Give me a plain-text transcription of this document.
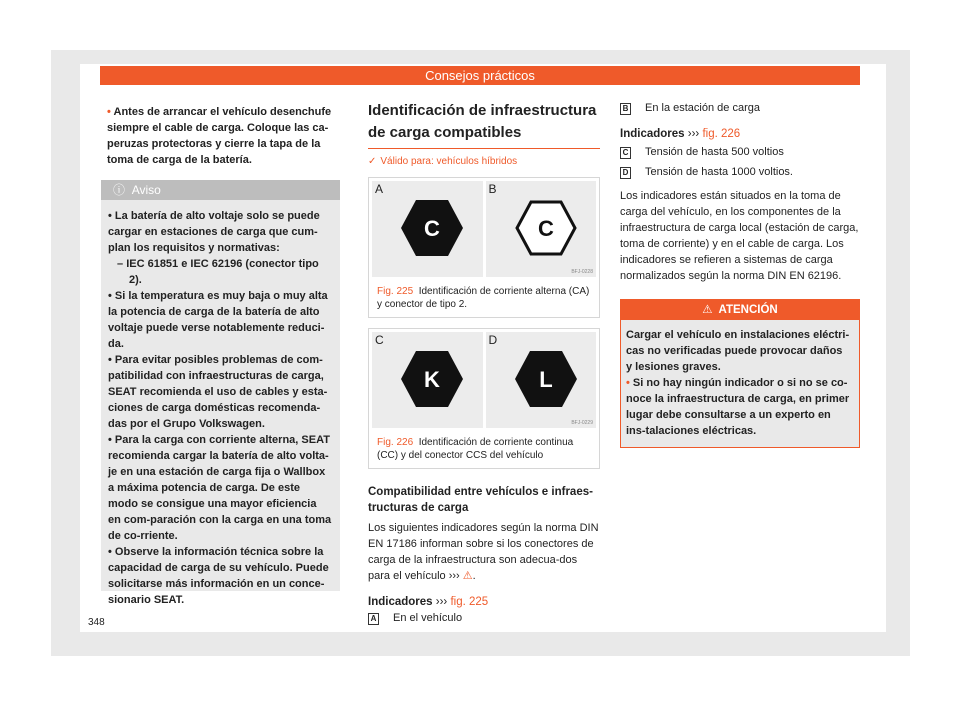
Consejos prácticos

• Antes de arrancar el vehículo desenchufe siempre el cable de carga. Coloque las ca-peruzas protectoras y cierre la tapa de la toma de carga de la batería.

ⓘ Aviso

• La batería de alto voltaje solo se puede cargar en estaciones de carga que cum-plan los requisitos y normativas:

– IEC 61851 e IEC 62196 (conector tipo 2).

• Si la temperatura es muy baja o muy alta la potencia de carga de la batería de alto voltaje puede verse notablemente reduci-da.

• Para evitar posibles problemas de com-patibilidad con infraestructuras de carga, SEAT recomienda el uso de cables y esta-ciones de carga domésticas recomenda-das por el Grupo Volkswagen.

• Para la carga con corriente alterna, SEAT recomienda cargar la batería de alto volta-je en una estación de carga fija o Wallbox a máxima potencia de carga. De este modo se consigue una mayor eficiencia en com-paración con la carga en una toma de co-rriente.

• Observe la información técnica sobre la capacidad de carga de su vehículo. Puede solicitarse más información en un conce-sionario SEAT.

Identificación de infraestructura de carga compatibles

✓ Válido para: vehículos híbridos
A
C
B
C
BFJ-0228
Fig. 225 Identificación de corriente alterna (CA) y conector de tipo 2.
C
K
D
L
BFJ-0229
Fig. 226 Identificación de corriente continua (CC) y del conector CCS del vehículo

Compatibilidad entre vehículos e infraes-tructuras de carga

Los siguientes indicadores según la norma DIN EN 17186 informan sobre si los conectores de carga de la infraestructura son adecua-dos para el vehículo ››› ⚠.

Indicadores ››› fig. 225

A En el vehículo
B En la estación de carga

Indicadores ››› fig. 226

C Tensión de hasta 500 voltios
D Tensión de hasta 1000 voltios.

Los indicadores están situados en la toma de carga del vehículo, en los componentes de la infraestructura de carga local (estación de carga, toma de corriente) y en el cable de carga. Los indicadores se refieren a sistemas de carga normalizados según la norma DIN EN 62196.

⚠ ATENCIÓN

Cargar el vehículo en instalaciones eléctri-cas no verificadas puede provocar daños y lesiones graves.

• Si no hay ningún indicador o si no se co-noce la infraestructura de carga, en primer lugar debe consultarse a un experto en ins-talaciones eléctricas.

348
